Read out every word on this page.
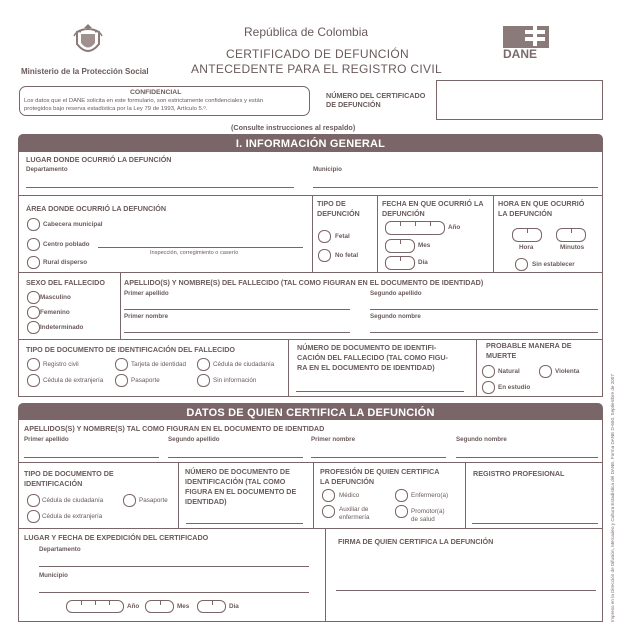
Ministerio de la Protección Social
República de Colombia
CERTIFICADO DE DEFUNCIÓN
ANTECEDENTE PARA EL REGISTRO CIVIL
DANE
CONFIDENCIAL
Los datos que el DANE solicita en este formulario, son estrictamente confidenciales y están
protegidos bajo reserva estadística por la Ley 79 de 1993, Artículo 5.º.
NÚMERO DEL CERTIFICADO
DE DEFUNCIÓN
(Consulte instrucciones al respaldo)
I. INFORMACIÓN GENERAL
LUGAR DONDE OCURRIÓ LA DEFUNCIÓN
Departamento	Municipio
ÁREA DONDE OCURRIÓ LA DEFUNCIÓN
Cabecera municipal
Centro poblado
Inspección, corregimiento o caserío
Rural disperso
TIPO DE
DEFUNCIÓN
Fetal
No fetal
FECHA EN QUE OCURRIÓ LA
DEFUNCIÓN
Año
Mes
Día
HORA EN QUE OCURRIÓ
LA DEFUNCIÓN
Hora	Minutos
Sin establecer
SEXO DEL FALLECIDO
Masculino
Femenino
Indeterminado
APELLIDO(S) Y NOMBRE(S) DEL FALLECIDO (TAL COMO FIGURAN EN EL DOCUMENTO DE IDENTIDAD)
Primer apellido	Segundo apellido
Primer nombre	Segundo nombre
TIPO DE DOCUMENTO DE IDENTIFICACIÓN DEL FALLECIDO
Registro civil	Tarjeta de identidad	Cédula de ciudadanía
Cédula de extranjería	Pasaporte	Sin información
NÚMERO DE DOCUMENTO DE IDENTIFI-
CACIÓN DEL FALLECIDO (TAL COMO FIGU-
RA EN EL DOCUMENTO DE IDENTIDAD)
PROBABLE MANERA DE
MUERTE
Natural	Violenta
En estudio
DATOS DE QUIEN CERTIFICA LA DEFUNCIÓN
APELLIDOS(S) Y NOMBRE(S) TAL COMO FIGURAN EN EL DOCUMENTO DE IDENTIDAD
Primer apellido	Segundo apellido	Primer nombre	Segundo nombre
TIPO DE DOCUMENTO DE
IDENTIFICACIÓN
Cédula de ciudadanía	Pasaporte
Cédula de extranjería
NÚMERO DE DOCUMENTO DE
IDENTIFICACIÓN (TAL COMO
FIGURA EN EL DOCUMENTO DE
IDENTIDAD)
PROFESIÓN DE QUIEN CERTIFICA
LA DEFUNCIÓN
Médico	Enfermero(a)
Auxiliar de
enfermería
Promotor(a)
de salud
REGISTRO PROFESIONAL
LUGAR Y FECHA DE EXPEDICIÓN DEL CERTIFICADO
Departamento
Municipio
Año	Mes	Día
FIRMA DE QUIEN CERTIFICA LA DEFUNCIÓN	Impreso en la Dirección de Difusión, Mercadeo y Cultura Estadística del DANE. Forma DANE D-650. Septiembre de 2007
